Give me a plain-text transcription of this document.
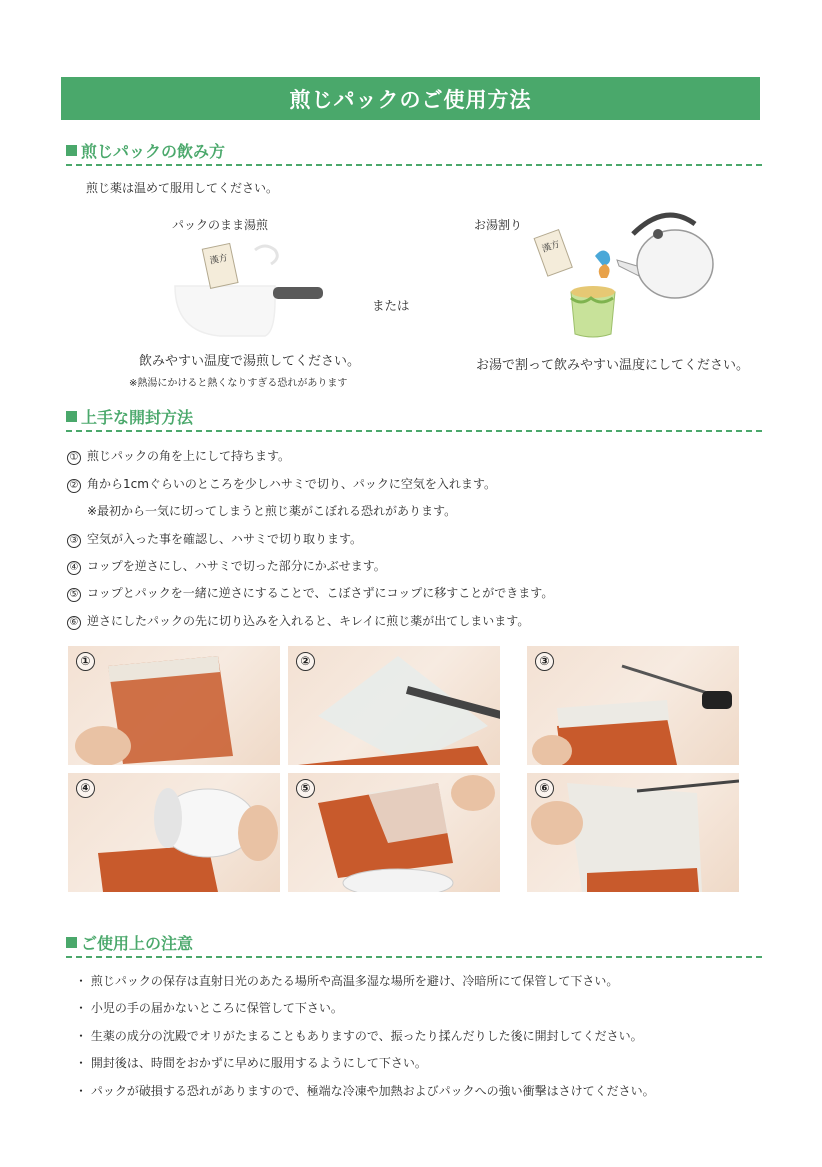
煎じパックのご使用方法
煎じパックの飲み方
煎じ薬は温めて服用してください。
パックのまま湯煎	お湯割り
漢方
または
漢方
飲みやすい温度で湯煎してください。
※熱湯にかけると熱くなりすぎる恐れがあります
お湯で割って飲みやすい温度にしてください。
上手な開封方法
① 煎じパックの角を上にして持ちます。
② 角から1cmぐらいのところを少しハサミで切り、パックに空気を入れます。
※最初から一気に切ってしまうと煎じ薬がこぼれる恐れがあります。
③ 空気が入った事を確認し、ハサミで切り取ります。
④ コップを逆さにし、ハサミで切った部分にかぶせます。
⑤ コップとパックを一緒に逆さにすることで、こぼさずにコップに移すことができます。
⑥ 逆さにしたパックの先に切り込みを入れると、キレイに煎じ薬が出てしまいます。
①	②	③
④	⑤	⑥
ご使用上の注意
・ 煎じパックの保存は直射日光のあたる場所や高温多湿な場所を避け、冷暗所にて保管して下さい。
・ 小児の手の届かないところに保管して下さい。
・ 生薬の成分の沈殿でオリがたまることもありますので、振ったり揉んだりした後に開封してください。
・ 開封後は、時間をおかずに早めに服用するようにして下さい。
・ パックが破損する恐れがありますので、極端な冷凍や加熱およびパックへの強い衝撃はさけてください。
